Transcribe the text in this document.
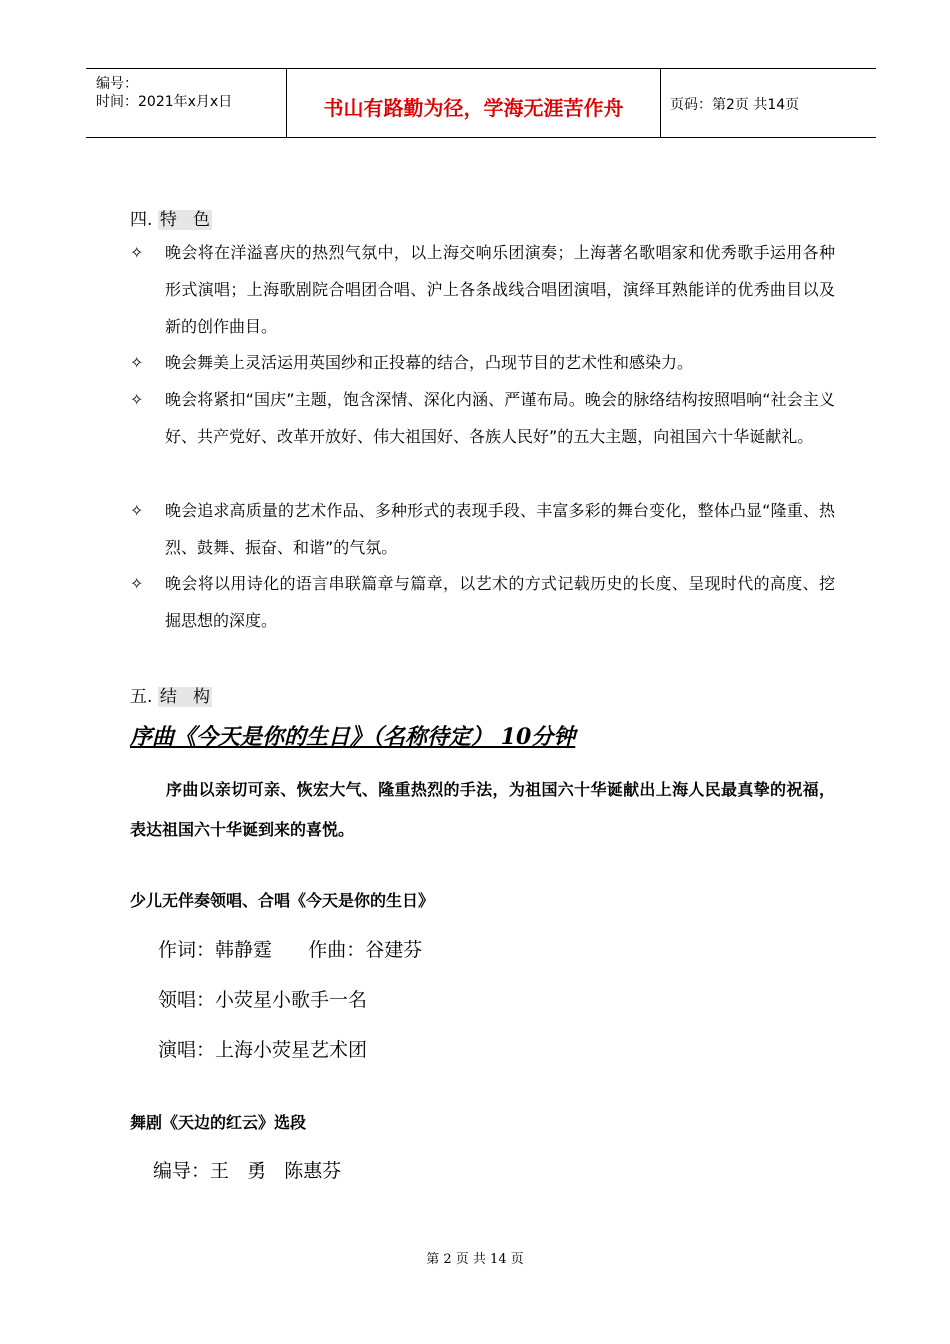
编号：
时间：2021年x月x日	书山有路勤为径，学海无涯苦作舟	页码：第2页 共14页
四. 特   色
✧	晚会将在洋溢喜庆的热烈气氛中，以上海交响乐团演奏；上海著名歌唱家和优秀歌手运用各种形式演唱；上海歌剧院合唱团合唱、沪上各条战线合唱团演唱，演绎耳熟能详的优秀曲目以及新的创作曲目。
✧	晚会舞美上灵活运用英国纱和正投幕的结合，凸现节目的艺术性和感染力。
✧	晚会将紧扣“国庆”主题，饱含深情、深化内涵、严谨布局。晚会的脉络结构按照唱响“社会主义好、共产党好、改革开放好、伟大祖国好、各族人民好”的五大主题，向祖国六十华诞献礼。
✧	晚会追求高质量的艺术作品、多种形式的表现手段、丰富多彩的舞台变化，整体凸显“隆重、热烈、鼓舞、振奋、和谐”的气氛。
✧	晚会将以用诗化的语言串联篇章与篇章，以艺术的方式记载历史的长度、呈现时代的高度、挖掘思想的深度。
五. 结   构
序曲《今天是你的生日》（名称待定） 10分钟
序曲以亲切可亲、恢宏大气、隆重热烈的手法，为祖国六十华诞献出上海人民最真挚的祝福，表达祖国六十华诞到来的喜悦。
少儿无伴奏领唱、合唱《今天是你的生日》
作词：韩静霆      作曲：谷建芬
领唱：小荧星小歌手一名
演唱：上海小荧星艺术团
舞剧《天边的红云》选段
编导：王   勇   陈惠芬
第 2 页 共 14 页
